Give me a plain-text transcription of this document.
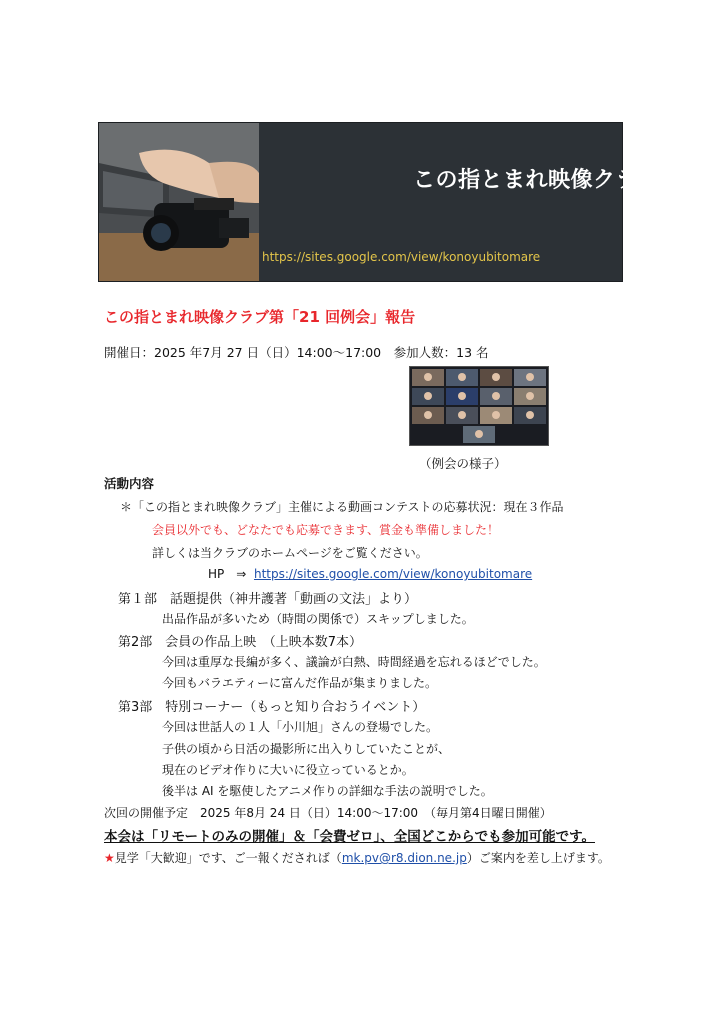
この指とまれ映像クラブ
https://sites.google.com/view/konoyubitomare
この指とまれ映像クラブ第「21 回例会」報告
開催日：2025 年7月 27 日（日）14:00～17:00　参加人数：13 名
（例会の様子）
活動内容
＊「この指とまれ映像クラブ」主催による動画コンテストの応募状況：現在３作品
会員以外でも、どなたでも応募できます、賞金も準備しました！
詳しくは当クラブのホームページをご覧ください。
HP　⇒ https://sites.google.com/view/konoyubitomare
第１部　話題提供（神井護著「動画の文法」より）
出品作品が多いため（時間の関係で）スキップしました。
第2部　会員の作品上映　（上映本数7本）
今回は重厚な長編が多く、議論が白熱、時間経過を忘れるほどでした。
今回もバラエティーに富んだ作品が集まりました。
第3部　特別コーナー（もっと知り合おうイベント）
今回は世話人の１人「小川旭」さんの登場でした。
子供の頃から日活の撮影所に出入りしていたことが、
現在のビデオ作りに大いに役立っているとか。
後半は AI を駆使したアニメ作りの詳細な手法の説明でした。
次回の開催予定　2025 年8月 24 日（日）14:00～17:00　（毎月第4日曜日開催）
本会は「リモートのみの開催」＆「会費ゼロ」、全国どこからでも参加可能です。
★見学「大歓迎」です、ご一報くだされば（mk.pv@r8.dion.ne.jp）ご案内を差し上げます。
